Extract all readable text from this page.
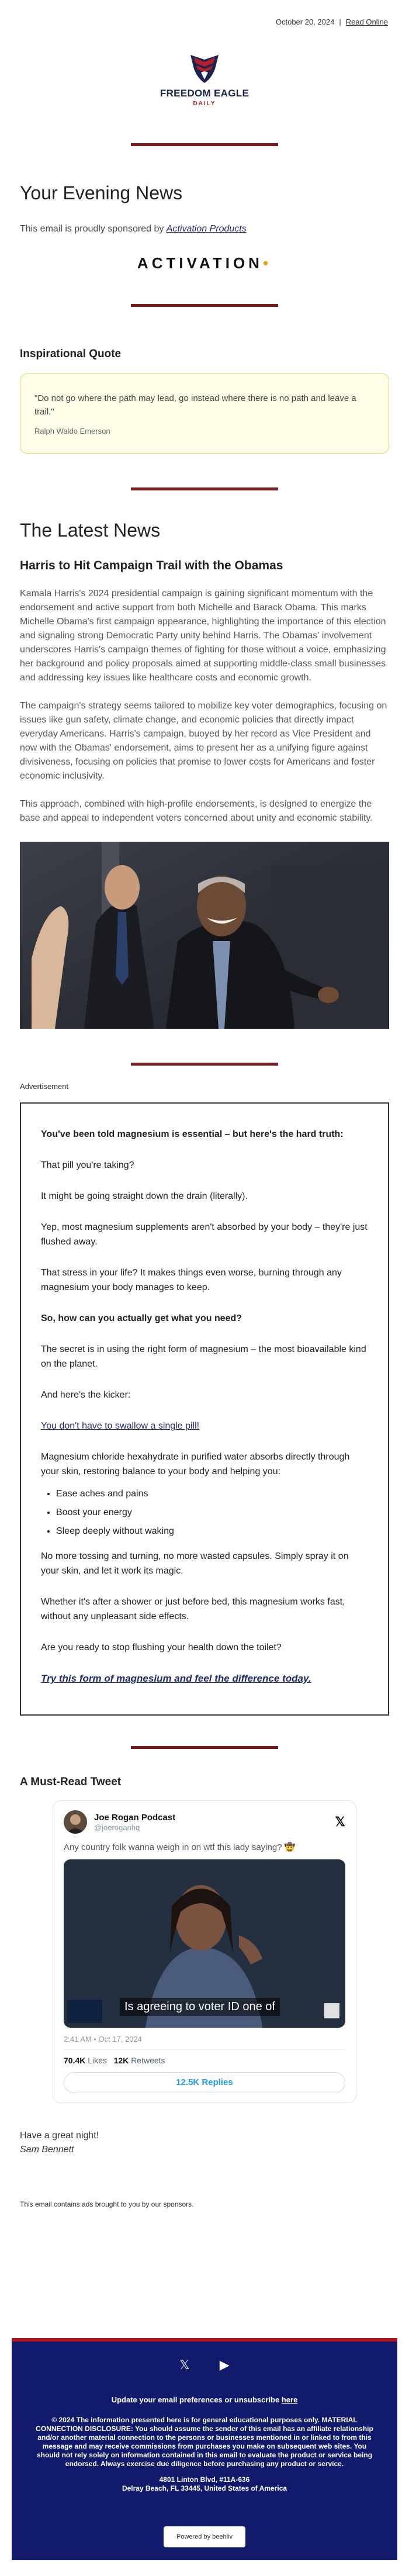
October 20, 2024 | Read Online
FREEDOM EAGLE
DAILY
Your Evening News

This email is proudly sponsored by Activation Products

ACTIVATION•
Inspirational Quote
"Do not go where the path may lead, go instead where there is no path and leave a trail."
Ralph Waldo Emerson
The Latest News
Harris to Hit Campaign Trail with the Obamas

Kamala Harris's 2024 presidential campaign is gaining significant momentum with the endorsement and active support from both Michelle and Barack Obama. This marks Michelle Obama's first campaign appearance, highlighting the importance of this election and signaling strong Democratic Party unity behind Harris. The Obamas' involvement underscores Harris's campaign themes of fighting for those without a voice, emphasizing her background and policy proposals aimed at supporting middle-class small businesses and addressing key issues like healthcare costs and economic growth.

The campaign's strategy seems tailored to mobilize key voter demographics, focusing on issues like gun safety, climate change, and economic policies that directly impact everyday Americans. Harris's campaign, buoyed by her record as Vice President and now with the Obamas' endorsement, aims to present her as a unifying figure against divisiveness, focusing on policies that promise to lower costs for Americans and foster economic inclusivity.

This approach, combined with high-profile endorsements, is designed to energize the base and appeal to independent voters concerned about unity and economic stability.

Advertisement

You've been told magnesium is essential – but here's the hard truth:

That pill you're taking?

It might be going straight down the drain (literally).

Yep, most magnesium supplements aren't absorbed by your body – they're just flushed away.

That stress in your life? It makes things even worse, burning through any magnesium your body manages to keep.

So, how can you actually get what you need?

The secret is in using the right form of magnesium – the most bioavailable kind on the planet.

And here's the kicker:

You don't have to swallow a single pill!

Magnesium chloride hexahydrate in purified water absorbs directly through your skin, restoring balance to your body and helping you:

• Ease aches and pains
• Boost your energy
• Sleep deeply without waking

No more tossing and turning, no more wasted capsules. Simply spray it on your skin, and let it work its magic.

Whether it's after a shower or just before bed, this magnesium works fast, without any unpleasant side effects.

Are you ready to stop flushing your health down the toilet?

Try this form of magnesium and feel the difference today.

A Must-Read Tweet
Joe Rogan Podcast
@joeroganhq	𝕏
Any country folk wanna weigh in on wtf this lady saying? 🤠
Is agreeing to voter ID one of
2:41 AM • Oct 17, 2024
70.4K Likes 12K Retweets
12.5K Replies
Have a great night!
Sam Bennett
This email contains ads brought to you by our sponsors.
𝕏 ▶
Update your email preferences or unsubscribe here
© 2024 The information presented here is for general educational purposes only. MATERIAL CONNECTION DISCLOSURE: You should assume the sender of this email has an affiliate relationship and/or another material connection to the persons or businesses mentioned in or linked to from this message and may receive commissions from purchases you make on subsequent web sites. You should not rely solely on information contained in this email to evaluate the product or service being endorsed. Always exercise due diligence before purchasing any product or service.
4801 Linton Blvd, #11A-636
Delray Beach, FL 33445, United States of America
Powered by beehiiv
